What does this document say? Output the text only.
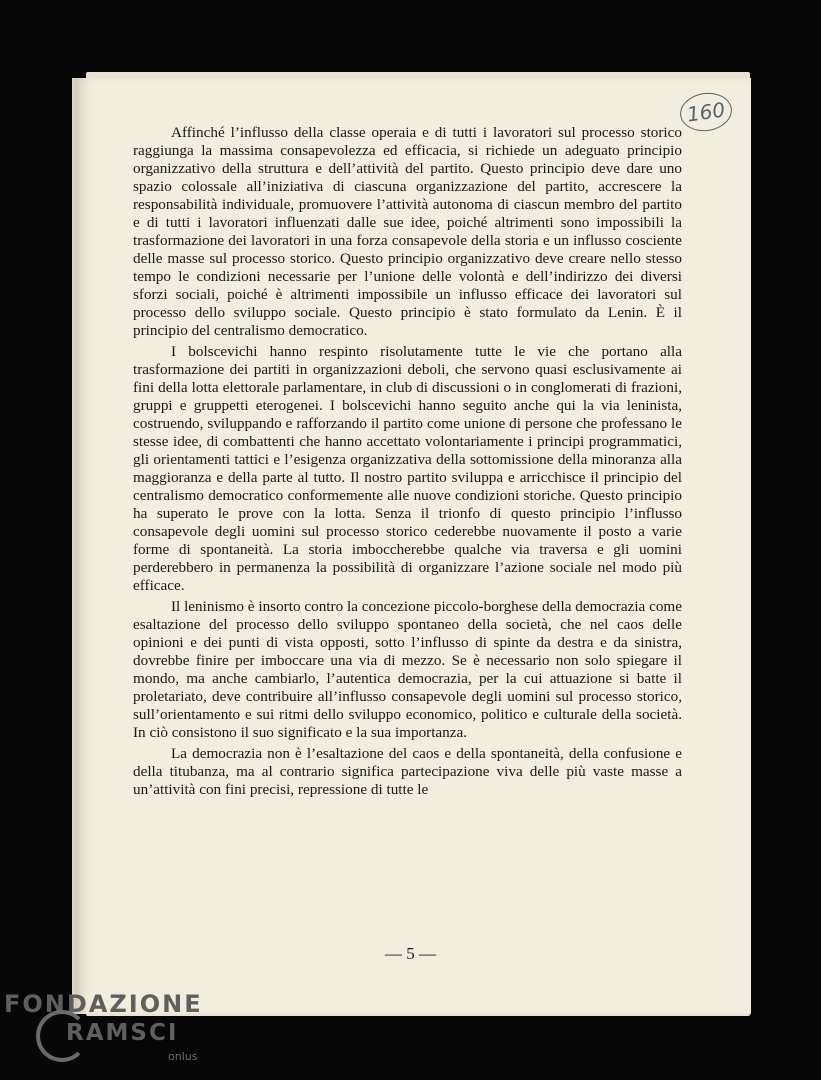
160

Affinché l’influsso della classe operaia e di tutti i lavoratori sul processo storico raggiunga la massima consapevolezza ed efficacia, si richiede un adeguato principio organizzativo della struttura e dell’attività del partito. Questo principio deve dare uno spazio colossale all’iniziativa di ciascuna organizzazione del partito, accrescere la responsabilità individuale, promuovere l’attività autonoma di ciascun membro del partito e di tutti i lavoratori influenzati dalle sue idee, poiché altrimenti sono impossibili la trasformazione dei lavoratori in una forza consapevole della storia e un influsso cosciente delle masse sul processo storico. Questo principio organizzativo deve creare nello stesso tempo le condizioni necessarie per l’unione delle volontà e dell’indirizzo dei diversi sforzi sociali, poiché è altrimenti impossibile un influsso efficace dei lavoratori sul processo dello sviluppo sociale. Questo principio è stato formulato da Lenin. È il principio del centralismo democratico.

I bolscevichi hanno respinto risolutamente tutte le vie che portano alla trasformazione dei partiti in organizzazioni deboli, che servono quasi esclusivamente ai fini della lotta elettorale parlamentare, in club di discussioni o in conglomerati di frazioni, gruppi e gruppetti eterogenei. I bolscevichi hanno seguito anche qui la via leninista, costruendo, sviluppando e rafforzando il partito come unione di persone che professano le stesse idee, di combattenti che hanno accettato volontariamente i principi programmatici, gli orientamenti tattici e l’esigenza organizzativa della sottomissione della minoranza alla maggioranza e della parte al tutto. Il nostro partito sviluppa e arricchisce il principio del centralismo democratico conformemente alle nuove condizioni storiche. Questo principio ha superato le prove con la lotta. Senza il trionfo di questo principio l’influsso consapevole degli uomini sul processo storico cederebbe nuovamente il posto a varie forme di spontaneità. La storia imboccherebbe qualche via traversa e gli uomini perderebbero in permanenza la possibilità di organizzare l’azione sociale nel modo più efficace.

Il leninismo è insorto contro la concezione piccolo-borghese della democrazia come esaltazione del processo dello sviluppo spontaneo della società, che nel caos delle opinioni e dei punti di vista opposti, sotto l’influsso di spinte da destra e da sinistra, dovrebbe finire per imboccare una via di mezzo. Se è necessario non solo spiegare il mondo, ma anche cambiarlo, l’autentica democrazia, per la cui attuazione si batte il proletariato, deve contribuire all’influsso consapevole degli uomini sul processo storico, sull’orientamento e sui ritmi dello sviluppo economico, politico e culturale della società. In ciò consistono il suo significato e la sua importanza.

La democrazia non è l’esaltazione del caos e della spontaneità, della confusione e della titubanza, ma al contrario significa partecipazione viva delle più vaste masse a un’attività con fini precisi, repressione di tutte le

— 5 —
FONDAZIONE
RAMSCI
onlus
